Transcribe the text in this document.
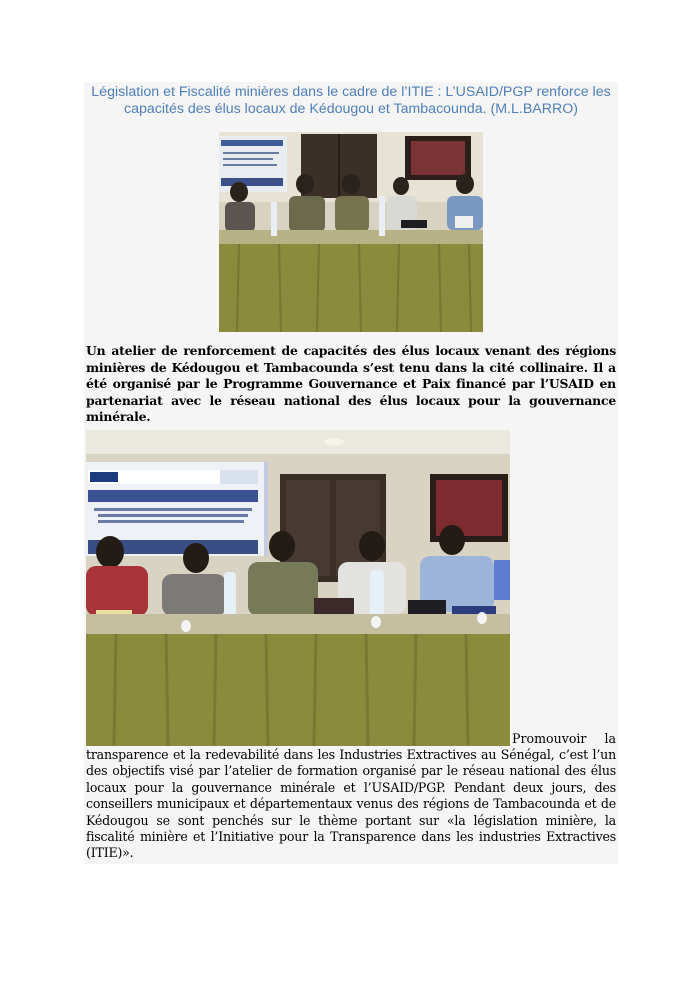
Législation et Fiscalité minières dans le cadre de l’ITIE : L’USAID/PGP renforce les capacités des élus locaux de Kédougou et Tambacounda. (M.L.BARRO)
Un atelier de renforcement de capacités des élus locaux venant des régions minières de Kédougou et Tambacounda s’est tenu dans la cité collinaire. Il a été organisé par le Programme Gouvernance et Paix financé par l’USAID en partenariat avec le réseau national des élus locaux pour la gouvernance minérale.
Promouvoir la
transparence et la redevabilité dans les Industries Extractives au Sénégal, c’est l’un des objectifs visé par l’atelier de formation organisé par le réseau national des élus locaux pour la gouvernance minérale et l’USAID/PGP. Pendant deux jours, des conseillers municipaux et départementaux venus des régions de Tambacounda et de Kédougou se sont penchés sur le thème portant sur «la législation minière, la fiscalité minière et l’Initiative pour la Transparence dans les industries Extractives (ITIE)».
